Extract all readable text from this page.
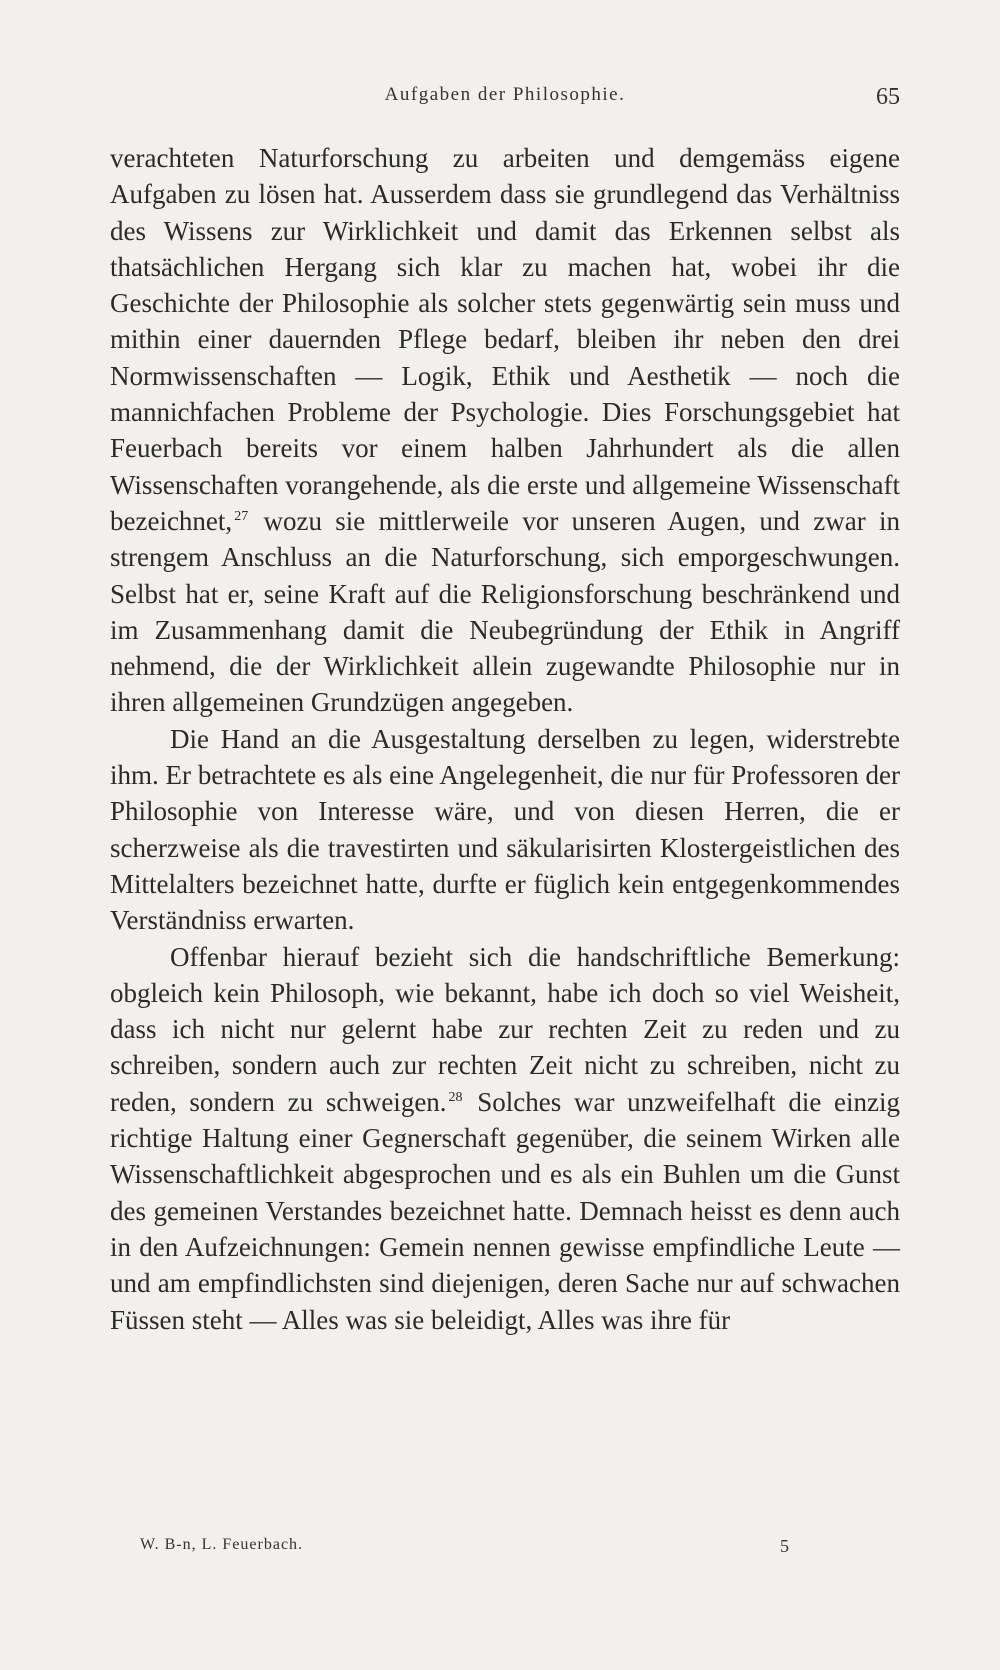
Aufgaben der Philosophie.	65

verachteten Naturforschung zu arbeiten und demgemäss eigene Aufgaben zu lösen hat. Ausserdem dass sie grundlegend das Verhältniss des Wissens zur Wirklichkeit und damit das Erkennen selbst als thatsächlichen Hergang sich klar zu machen hat, wobei ihr die Geschichte der Philosophie als solcher stets gegenwärtig sein muss und mithin einer dauernden Pflege bedarf, bleiben ihr neben den drei Normwissenschaften — Logik, Ethik und Aesthetik — noch die mannichfachen Probleme der Psychologie. Dies Forschungsgebiet hat Feuerbach bereits vor einem halben Jahrhundert als die allen Wissenschaften vorangehende, als die erste und allgemeine Wissenschaft bezeichnet, $^{27}$ wozu sie mittlerweile vor unseren Augen, und zwar in strengem Anschluss an die Naturforschung, sich emporgeschwungen. Selbst hat er, seine Kraft auf die Religionsforschung beschränkend und im Zusammenhang damit die Neubegründung der Ethik in Angriff nehmend, die der Wirklichkeit allein zugewandte Philosophie nur in ihren allgemeinen Grundzügen angegeben.

Die Hand an die Ausgestaltung derselben zu legen, widerstrebte ihm. Er betrachtete es als eine Angelegenheit, die nur für Professoren der Philosophie von Interesse wäre, und von diesen Herren, die er scherzweise als die travestirten und säkularisirten Klostergeistlichen des Mittelalters bezeichnet hatte, durfte er füglich kein entgegenkommendes Verständniss erwarten.

Offenbar hierauf bezieht sich die handschriftliche Bemerkung: obgleich kein Philosoph, wie bekannt, habe ich doch so viel Weisheit, dass ich nicht nur gelernt habe zur rechten Zeit zu reden und zu schreiben, sondern auch zur rechten Zeit nicht zu schreiben, nicht zu reden, sondern zu schweigen. $^{28}$ Solches war unzweifelhaft die einzig richtige Haltung einer Gegnerschaft gegenüber, die seinem Wirken alle Wissenschaftlichkeit abgesprochen und es als ein Buhlen um die Gunst des gemeinen Verstandes bezeichnet hatte. Demnach heisst es denn auch in den Aufzeichnungen: Gemein nennen gewisse empfindliche Leute — und am empfindlichsten sind diejenigen, deren Sache nur auf schwachen Füssen steht — Alles was sie beleidigt, Alles was ihre für

W. B-n, L. Feuerbach.	5
